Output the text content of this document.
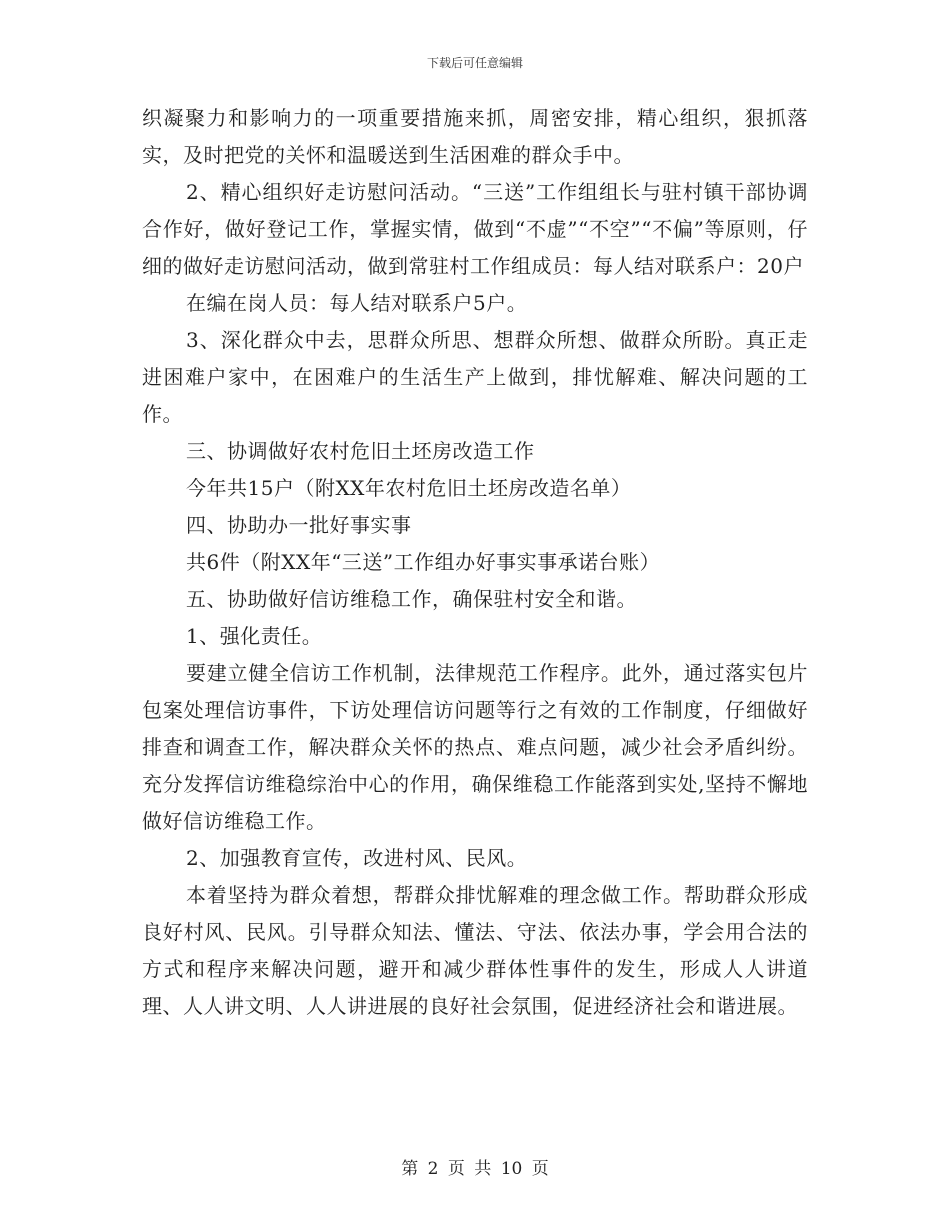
下载后可任意编辑

织凝聚力和影响力的一项重要措施来抓，周密安排，精心组织，狠抓落实，及时把党的关怀和温暖送到生活困难的群众手中。

2、精心组织好走访慰问活动。“三送”工作组组长与驻村镇干部协调合作好，做好登记工作，掌握实情，做到“不虚”“不空”“不偏”等原则，仔细的做好走访慰问活动，做到常驻村工作组成员：每人结对联系户：20户

在编在岗人员：每人结对联系户5户。

3、深化群众中去，思群众所思、想群众所想、做群众所盼。真正走进困难户家中，在困难户的生活生产上做到，排忧解难、解决问题的工作。

三、协调做好农村危旧土坯房改造工作

今年共15户（附XX年农村危旧土坯房改造名单）

四、协助办一批好事实事

共6件（附XX年“三送”工作组办好事实事承诺台账）

五、协助做好信访维稳工作，确保驻村安全和谐。

1、强化责任。

要建立健全信访工作机制，法律规范工作程序。此外，通过落实包片包案处理信访事件，下访处理信访问题等行之有效的工作制度，仔细做好排查和调查工作，解决群众关怀的热点、难点问题，减少社会矛盾纠纷。充分发挥信访维稳综治中心的作用，确保维稳工作能落到实处,坚持不懈地做好信访维稳工作。

2、加强教育宣传，改进村风、民风。

本着坚持为群众着想，帮群众排忧解难的理念做工作。帮助群众形成良好村风、民风。引导群众知法、懂法、守法、依法办事，学会用合法的方式和程序来解决问题，避开和减少群体性事件的发生，形成人人讲道理、人人讲文明、人人讲进展的良好社会氛围，促进经济社会和谐进展。

第 2 页 共 10 页
